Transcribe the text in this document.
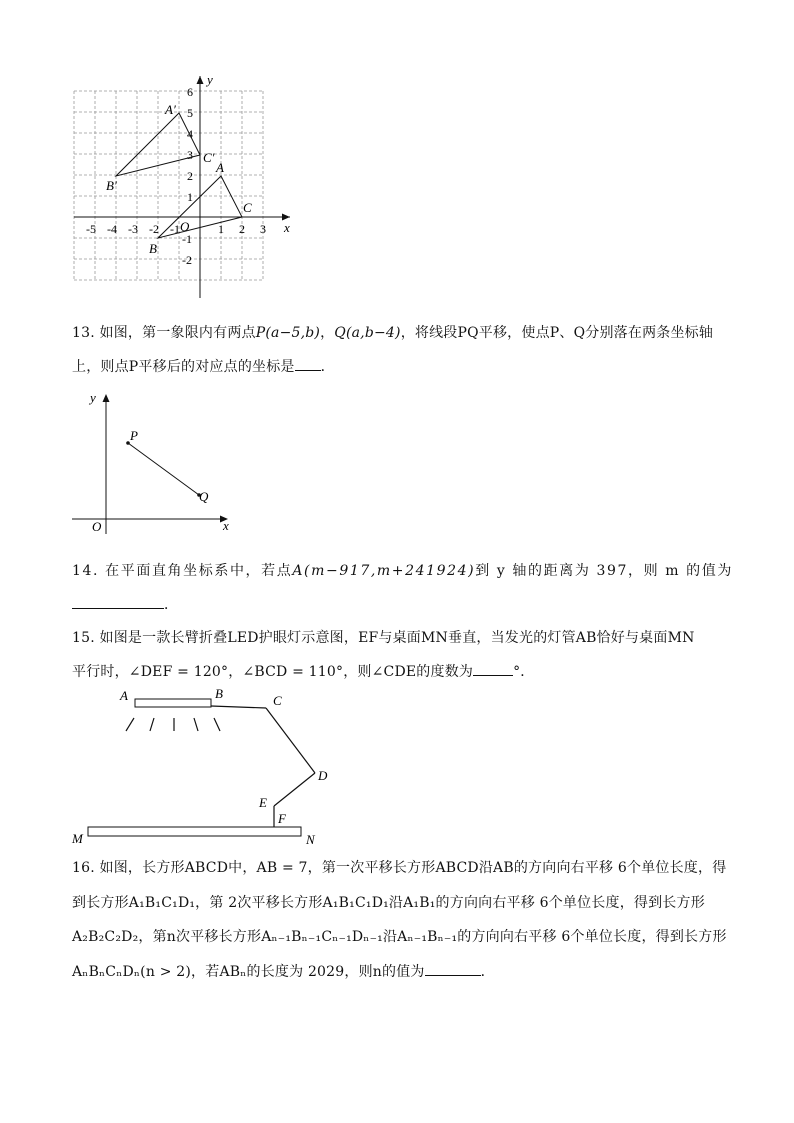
-5 -4 -3 -2 -1	1 2 3
6
5
4
3
2
1
-1
-2
x
y
O
A
B
C
A′
B′
C′
13. 如图，第一象限内有两点P(a−5,b)，Q(a,b−4)，将线段PQ平移，使点P、Q分别落在两条坐标轴
上，则点P平移后的对应点的坐标是 ．
y
x
O
P
Q
14. 在平面直角坐标系中，若点A(m−917,m+241924)到 y 轴的距离为 397，则 m 的值为
．
15. 如图是一款长臂折叠LED护眼灯示意图，EF与桌面MN垂直，当发光的灯管AB恰好与桌面MN
平行时，∠DEF = 120°，∠BCD = 110°，则∠CDE的度数为	°．
A	B	C
D
E
F
M	N
16. 如图，长方形ABCD中，AB = 7，第一次平移长方形ABCD沿AB的方向向右平移 6个单位长度，得
到长方形A₁B₁C₁D₁，第 2次平移长方形A₁B₁C₁D₁沿A₁B₁的方向向右平移 6个单位长度，得到长方形
A₂B₂C₂D₂，第n次平移长方形Aₙ₋₁Bₙ₋₁Cₙ₋₁Dₙ₋₁沿Aₙ₋₁Bₙ₋₁的方向向右平移 6个单位长度，得到长方形
AₙBₙCₙDₙ(n > 2)，若ABₙ的长度为 2029，则n的值为	．
